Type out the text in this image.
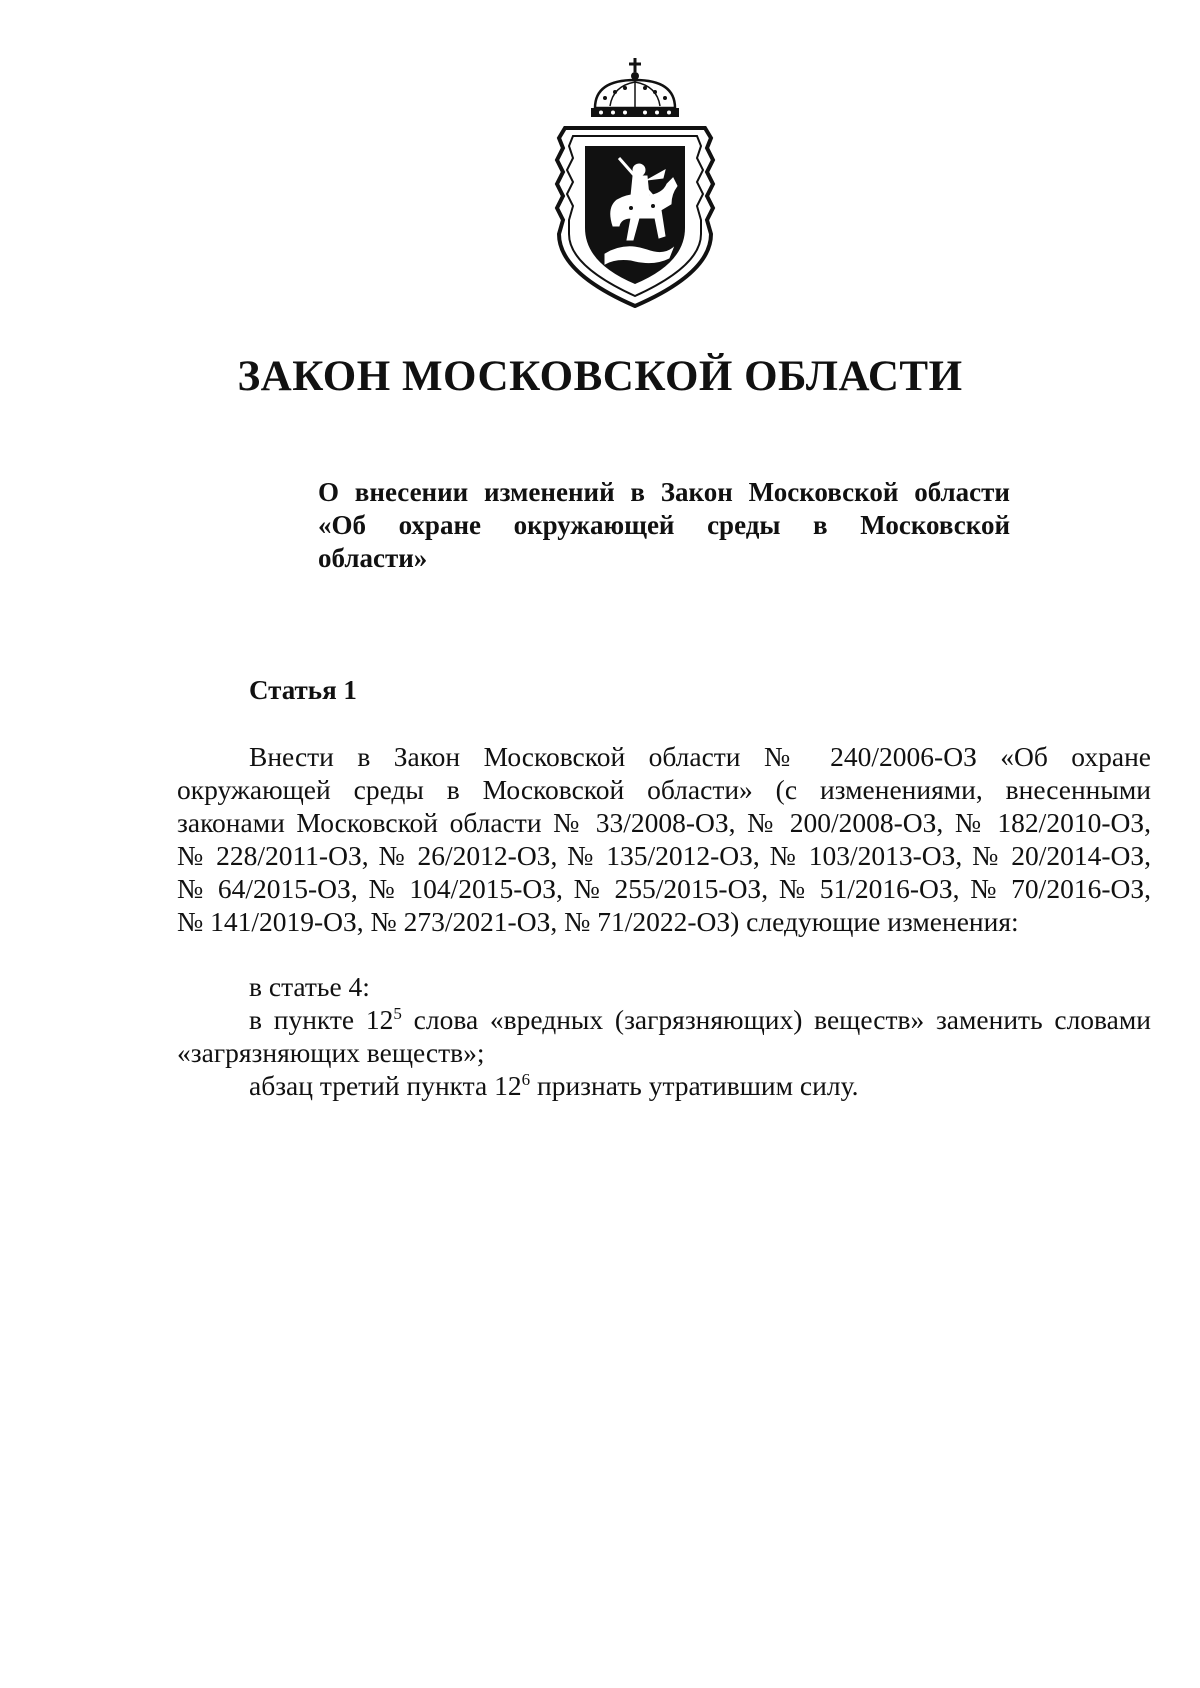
ЗАКОН МОСКОВСКОЙ ОБЛАСТИ
О внесении изменений в Закон Московской области
«Об охране окружающей среды в Московской
области»
Статья 1
Внести в Закон Московской области № 240/2006-ОЗ «Об охране
окружающей среды в Московской области» (с изменениями, внесенными
законами Московской области № 33/2008-ОЗ, № 200/2008-ОЗ, № 182/2010-ОЗ,
№ 228/2011-ОЗ, № 26/2012-ОЗ, № 135/2012-ОЗ, № 103/2013-ОЗ, № 20/2014-ОЗ,
№ 64/2015-ОЗ, № 104/2015-ОЗ, № 255/2015-ОЗ, № 51/2016-ОЗ, № 70/2016-ОЗ,
№ 141/2019-ОЗ, № 273/2021-ОЗ, № 71/2022-ОЗ) следующие изменения:
в статье 4:
в пункте $12^5$ слова «вредных (загрязняющих) веществ» заменить словами
«загрязняющих веществ»;
абзац третий пункта $12^6$ признать утратившим силу.
